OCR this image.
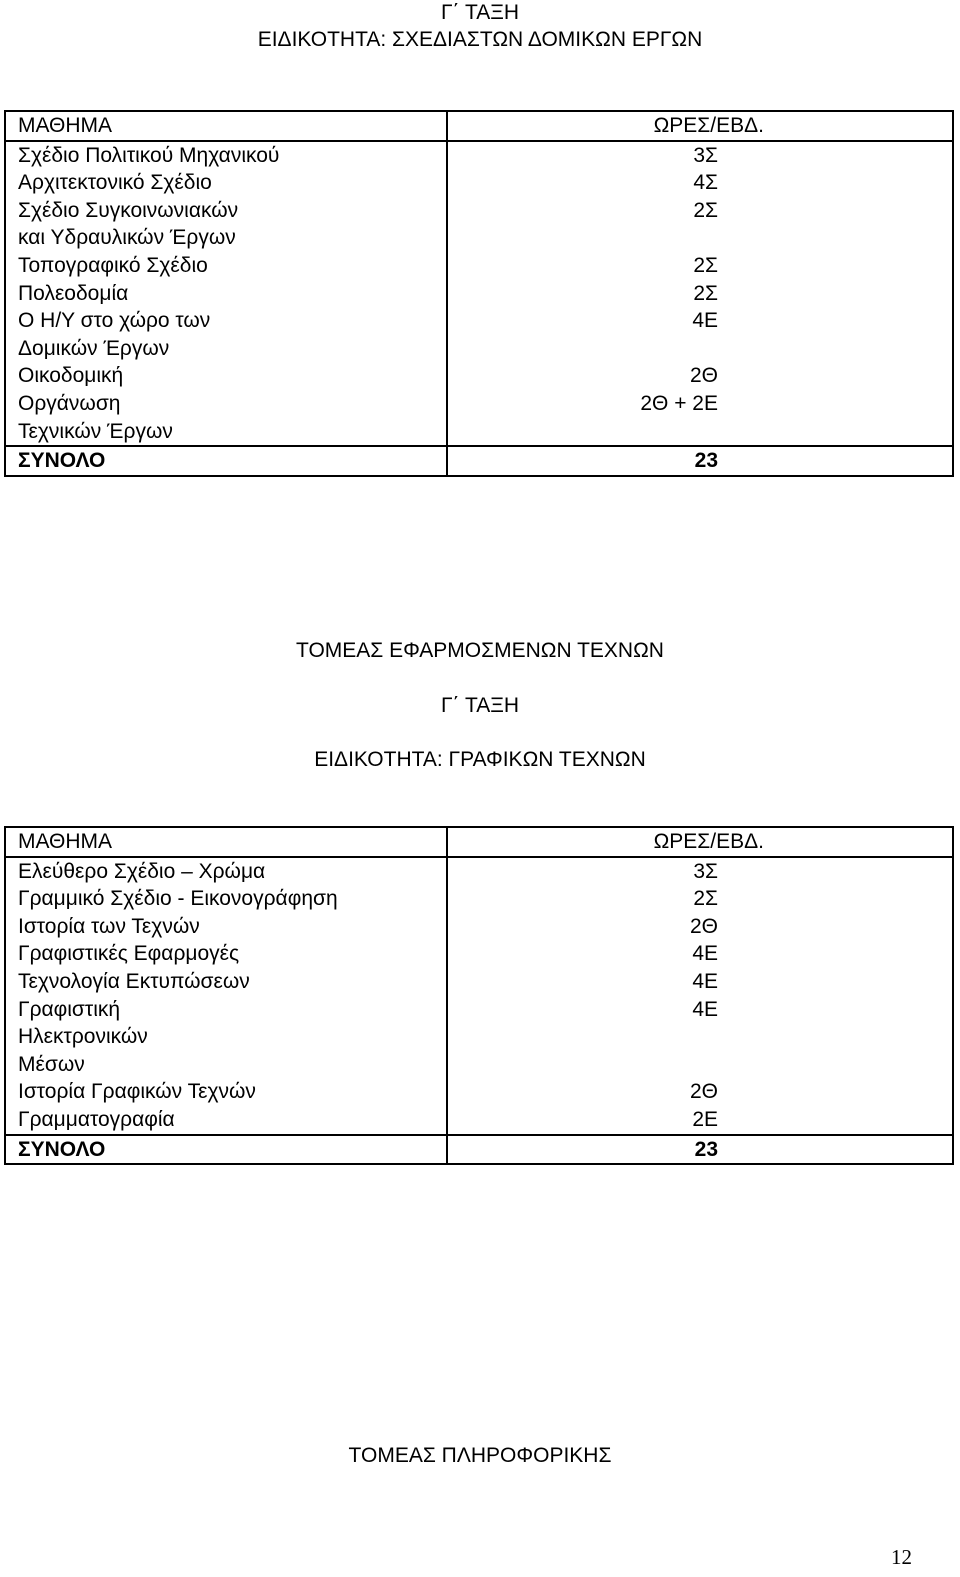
Γ΄ ΤΑΞΗ
ΕΙΔΙΚΟΤΗΤΑ: ΣΧΕΔΙΑΣΤΩΝ ΔΟΜΙΚΩΝ ΕΡΓΩΝ
ΜΑΘΗΜΑ	ΩΡΕΣ/ΕΒΔ.

Σχέδιο Πολιτικού Μηχανικού	3Σ

Αρχιτεκτονικό Σχέδιο	4Σ

Σχέδιο Συγκοινωνιακών	2Σ

και Υδραυλικών Έργων	

Τοπογραφικό Σχέδιο	2Σ

Πολεοδομία	2Σ

Ο Η/Υ στο χώρο των	4Ε

Δομικών Έργων	

Οικοδομική	2Θ

Οργάνωση	2Θ + 2Ε

Τεχνικών Έργων	

ΣΥΝΟΛΟ	23
ΤΟΜΕΑΣ ΕΦΑΡΜΟΣΜΕΝΩΝ ΤΕΧΝΩΝ
Γ΄ ΤΑΞΗ
ΕΙΔΙΚΟΤΗΤΑ: ΓΡΑΦΙΚΩΝ ΤΕΧΝΩΝ
ΜΑΘΗΜΑ	ΩΡΕΣ/ΕΒΔ.

Ελεύθερο Σχέδιο – Χρώμα	3Σ

Γραμμικό Σχέδιο - Εικονογράφηση	2Σ

Ιστορία των Τεχνών	2Θ

Γραφιστικές Εφαρμογές	4Ε

Τεχνολογία Εκτυπώσεων	4Ε

Γραφιστική	4Ε

Ηλεκτρονικών	

Μέσων	

Ιστορία Γραφικών Τεχνών	2Θ

Γραμματογραφία	2Ε

ΣΥΝΟΛΟ	23
ΤΟΜΕΑΣ ΠΛΗΡΟΦΟΡΙΚΗΣ
12
